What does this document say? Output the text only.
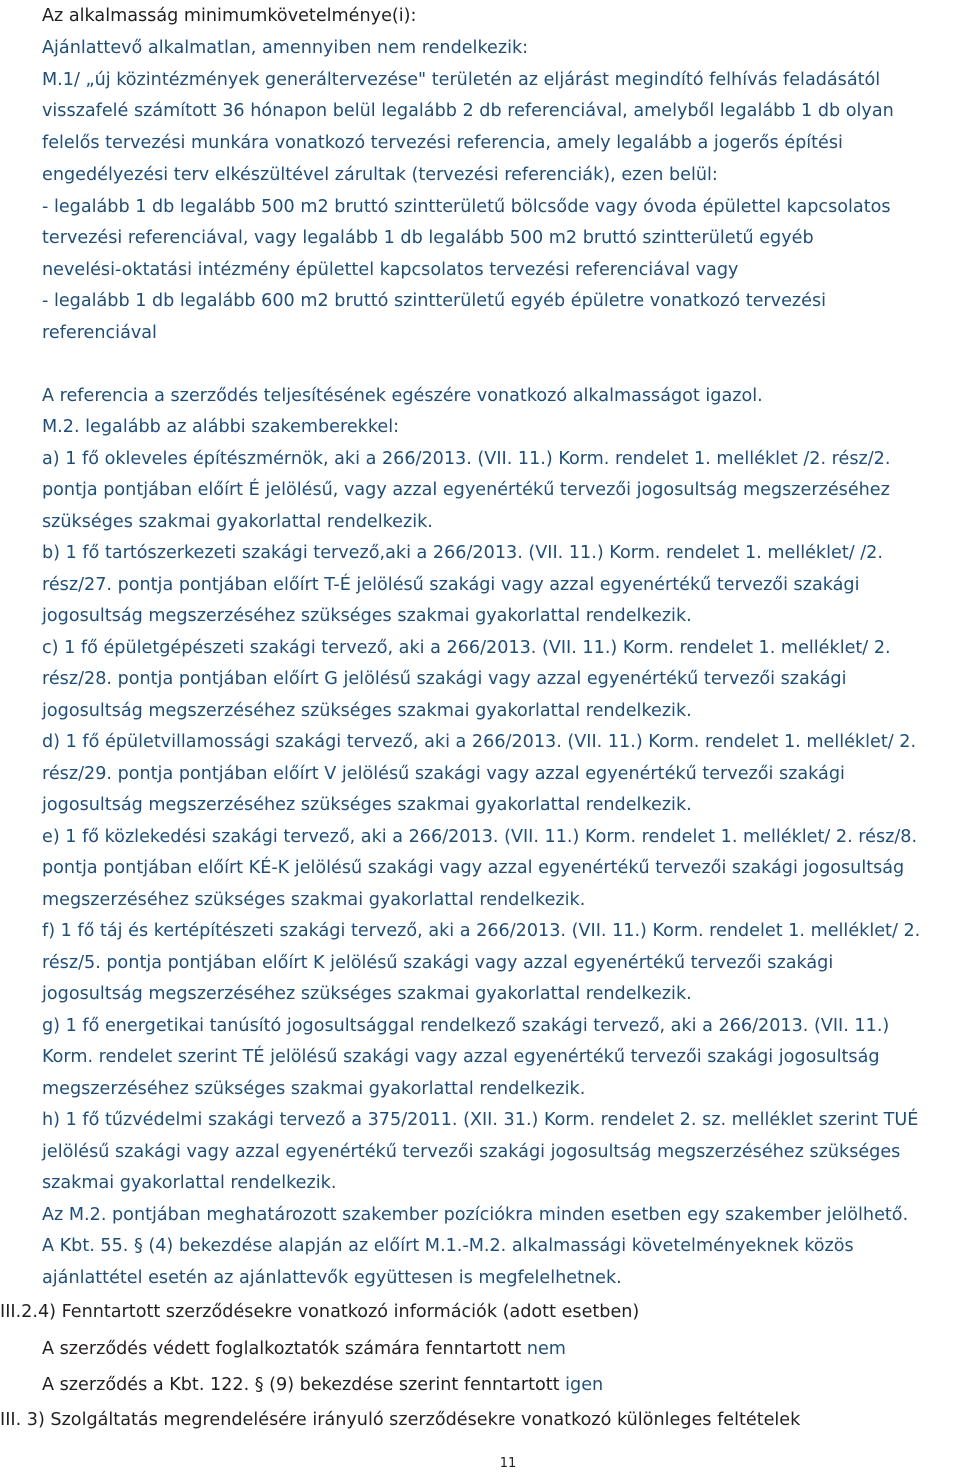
Az alkalmasság minimumkövetelménye(i):
Ajánlattevő alkalmatlan, amennyiben nem rendelkezik:
M.1/ „új közintézmények generáltervezése" területén az eljárást megindító felhívás feladásától
visszafelé számított 36 hónapon belül legalább 2 db referenciával, amelyből legalább 1 db olyan
felelős tervezési munkára vonatkozó tervezési referencia, amely legalább a jogerős építési
engedélyezési terv elkészültével zárultak (tervezési referenciák), ezen belül:
- legalább 1 db legalább 500 m2 bruttó szintterületű bölcsőde vagy óvoda épülettel kapcsolatos
tervezési referenciával, vagy legalább 1 db legalább 500 m2 bruttó szintterületű egyéb
nevelési-oktatási intézmény épülettel kapcsolatos tervezési referenciával vagy
- legalább 1 db legalább 600 m2 bruttó szintterületű egyéb épületre vonatkozó tervezési
referenciával
A referencia a szerződés teljesítésének egészére vonatkozó alkalmasságot igazol.
M.2. legalább az alábbi szakemberekkel:
a) 1 fő okleveles építészmérnök, aki a 266/2013. (VII. 11.) Korm. rendelet 1. melléklet /2. rész/2.
pontja pontjában előírt É jelölésű, vagy azzal egyenértékű tervezői jogosultság megszerzéséhez
szükséges szakmai gyakorlattal rendelkezik.
b) 1 fő tartószerkezeti szakági tervező,aki a 266/2013. (VII. 11.) Korm. rendelet 1. melléklet/ /2.
rész/27. pontja pontjában előírt T-É jelölésű szakági vagy azzal egyenértékű tervezői szakági
jogosultság megszerzéséhez szükséges szakmai gyakorlattal rendelkezik.
c) 1 fő épületgépészeti szakági tervező, aki a 266/2013. (VII. 11.) Korm. rendelet 1. melléklet/ 2.
rész/28. pontja pontjában előírt G jelölésű szakági vagy azzal egyenértékű tervezői szakági
jogosultság megszerzéséhez szükséges szakmai gyakorlattal rendelkezik.
d) 1 fő épületvillamossági szakági tervező, aki a 266/2013. (VII. 11.) Korm. rendelet 1. melléklet/ 2.
rész/29. pontja pontjában előírt V jelölésű szakági vagy azzal egyenértékű tervezői szakági
jogosultság megszerzéséhez szükséges szakmai gyakorlattal rendelkezik.
e) 1 fő közlekedési szakági tervező, aki a 266/2013. (VII. 11.) Korm. rendelet 1. melléklet/ 2. rész/8.
pontja pontjában előírt KÉ-K jelölésű szakági vagy azzal egyenértékű tervezői szakági jogosultság
megszerzéséhez szükséges szakmai gyakorlattal rendelkezik.
f) 1 fő táj és kertépítészeti szakági tervező, aki a 266/2013. (VII. 11.) Korm. rendelet 1. melléklet/ 2.
rész/5. pontja pontjában előírt K jelölésű szakági vagy azzal egyenértékű tervezői szakági
jogosultság megszerzéséhez szükséges szakmai gyakorlattal rendelkezik.
g) 1 fő energetikai tanúsító jogosultsággal rendelkező szakági tervező, aki a 266/2013. (VII. 11.)
Korm. rendelet szerint TÉ jelölésű szakági vagy azzal egyenértékű tervezői szakági jogosultság
megszerzéséhez szükséges szakmai gyakorlattal rendelkezik.
h) 1 fő tűzvédelmi szakági tervező a 375/2011. (XII. 31.) Korm. rendelet 2. sz. melléklet szerint TUÉ
jelölésű szakági vagy azzal egyenértékű tervezői szakági jogosultság megszerzéséhez szükséges
szakmai gyakorlattal rendelkezik.
Az M.2. pontjában meghatározott szakember pozíciókra minden esetben egy szakember jelölhető.
A Kbt. 55. § (4) bekezdése alapján az előírt M.1.-M.2. alkalmassági követelményeknek közös
ajánlattétel esetén az ajánlattevők együttesen is megfelelhetnek.
III.2.4) Fenntartott szerződésekre vonatkozó információk (adott esetben)
A szerződés védett foglalkoztatók számára fenntartott nem
A szerződés a Kbt. 122. § (9) bekezdése szerint fenntartott igen
III. 3) Szolgáltatás megrendelésére irányuló szerződésekre vonatkozó különleges feltételek
11
